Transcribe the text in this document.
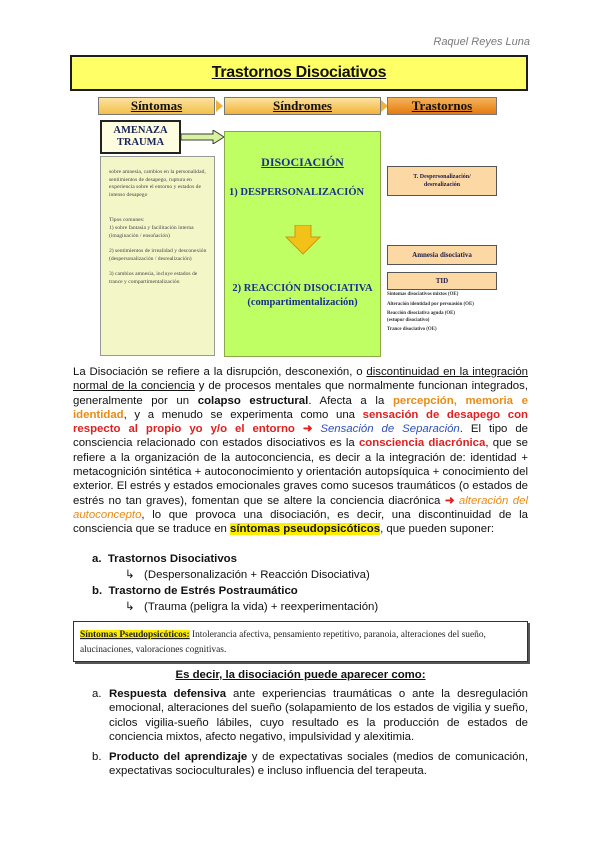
Raquel Reyes Luna
Trastornos Disociativos
Síntomas	Síndromes	Trastornos
AMENAZA
TRAUMA

sobre amnesia, cambios en la personalidad, sentimientos de desapego, ruptura en experiencia sobre el entorno y estados de intenso desapego

Tipos comunes:

1) sobre fantasía y facilitación interna (imaginación / ensoñación)

2) sentimientos de irrealidad y desconexión (despersonalización / desrealización)

3) cambios amnesia, incluye estados de trance y compartimentalización

DISOCIACIÓN
1) DESPERSONALIZACIÓN
2) REACCIÓN DISOCIATIVA
(compartimentalización)
T. Despersonalización/
desrealización
Amnesia disociativa
TID
Síntomas disociativos mixtos (OE)
Alteración identidad por persuasión (OE)
Reacción disociativa aguda (OE)
(estupor disociativo)
Trance disociativo (OE)
La Disociación se refiere a la disrupción, desconexión, o discontinuidad en la integración normal de la conciencia y de procesos mentales que normalmente funcionan integrados, generalmente por un colapso estructural. Afecta a la percepción, memoria e identidad, y a menudo se experimenta como una sensación de desapego con respecto al propio yo y/o el entorno ➜ Sensación de Separación. El tipo de consciencia relacionado con estados disociativos es la consciencia diacrónica, que se refiere a la organización de la autoconciencia, es decir a la integración de: identidad + metacognición sintética + autoconocimiento y orientación autopsíquica + conocimiento del exterior. El estrés y estados emocionales graves como sucesos traumáticos (o estados de estrés no tan graves), fomentan que se altere la conciencia diacrónica ➜ alteración del autoconcepto, lo que provoca una disociación, es decir, una discontinuidad de la consciencia que se traduce en síntomas pseudopsicóticos, que pueden suponer:
a. Trastornos Disociativos
↳ (Despersonalización + Reacción Disociativa)
b. Trastorno de Estrés Postraumático
↳ (Trauma (peligra la vida) + reexperimentación)
Síntomas Pseudopsicóticos: Intolerancia afectiva, pensamiento repetitivo, paranoia, alteraciones del sueño, alucinaciones, valoraciones cognitivas.
Es decir, la disociación puede aparecer como:
a. Respuesta defensiva ante experiencias traumáticas o ante la desregulación emocional, alteraciones del sueño (solapamiento de los estados de vigilia y sueño, ciclos vigilia-sueño lábiles, cuyo resultado es la producción de estados de conciencia mixtos, afecto negativo, impulsividad y alexitimia.
b. Producto del aprendizaje y de expectativas sociales (medios de comunicación, expectativas socioculturales) e incluso influencia del terapeuta.
